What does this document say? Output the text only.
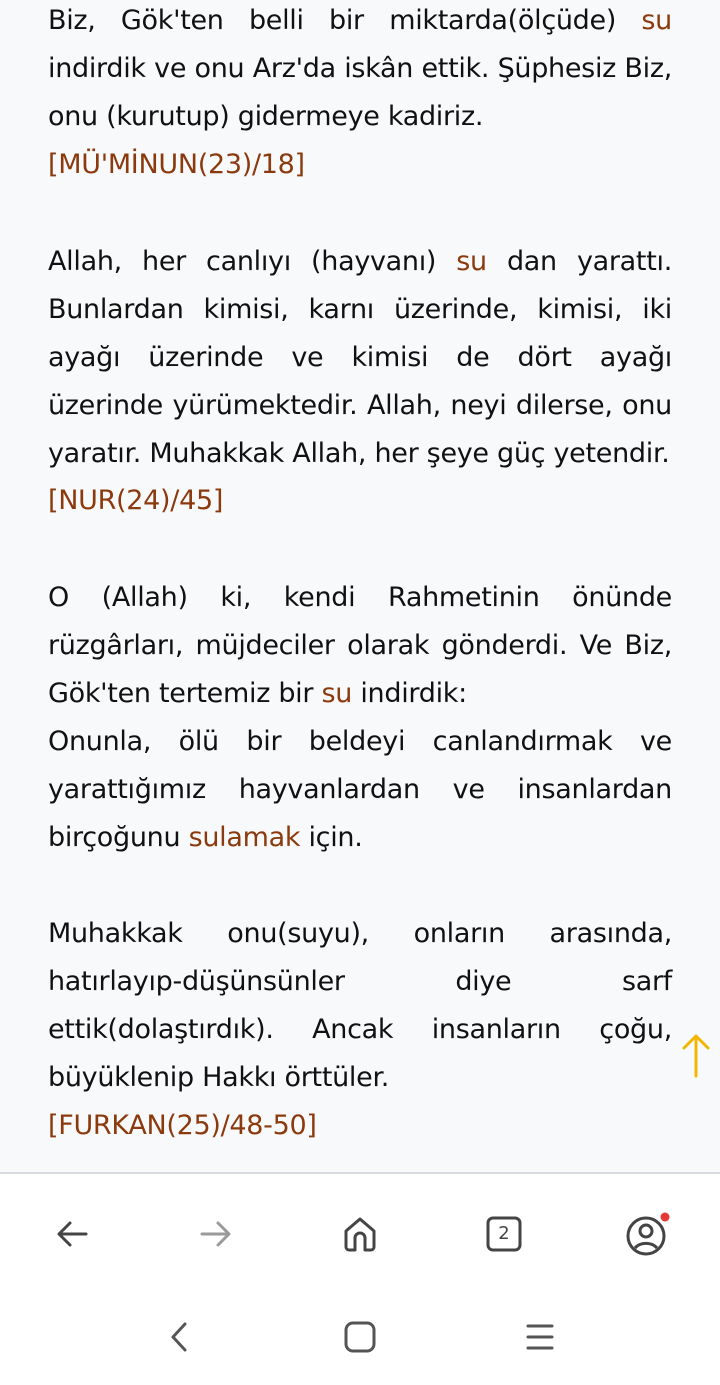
Biz, Gök'ten belli bir miktarda(ölçüde) su indirdik ve onu Arz'da iskân ettik. Şüphesiz Biz, onu (kurutup) gidermeye kadiriz.
[MÜ'MİNUN(23)/18]
Allah, her canlıyı (hayvanı) su dan yarattı. Bunlardan kimisi, karnı üzerinde, kimisi, iki ayağı üzerinde ve kimisi de dört ayağı üzerinde yürümektedir. Allah, neyi dilerse, onu yaratır. Muhakkak Allah, her şeye güç yetendir.
[NUR(24)/45]
O (Allah) ki, kendi Rahmetinin önünde rüzgârları, müjdeciler olarak gönderdi. Ve Biz, Gök'ten tertemiz bir su indirdik:
Onunla, ölü bir beldeyi canlandırmak ve yarattığımız hayvanlardan ve insanlardan birçoğunu sulamak için.
Muhakkak onu(suyu), onların arasında, hatırlayıp-düşünsünler diye sarf ettik(dolaştırdık). Ancak insanların çoğu, büyüklenip Hakkı örttüler.
[FURKAN(25)/48-50]
2
